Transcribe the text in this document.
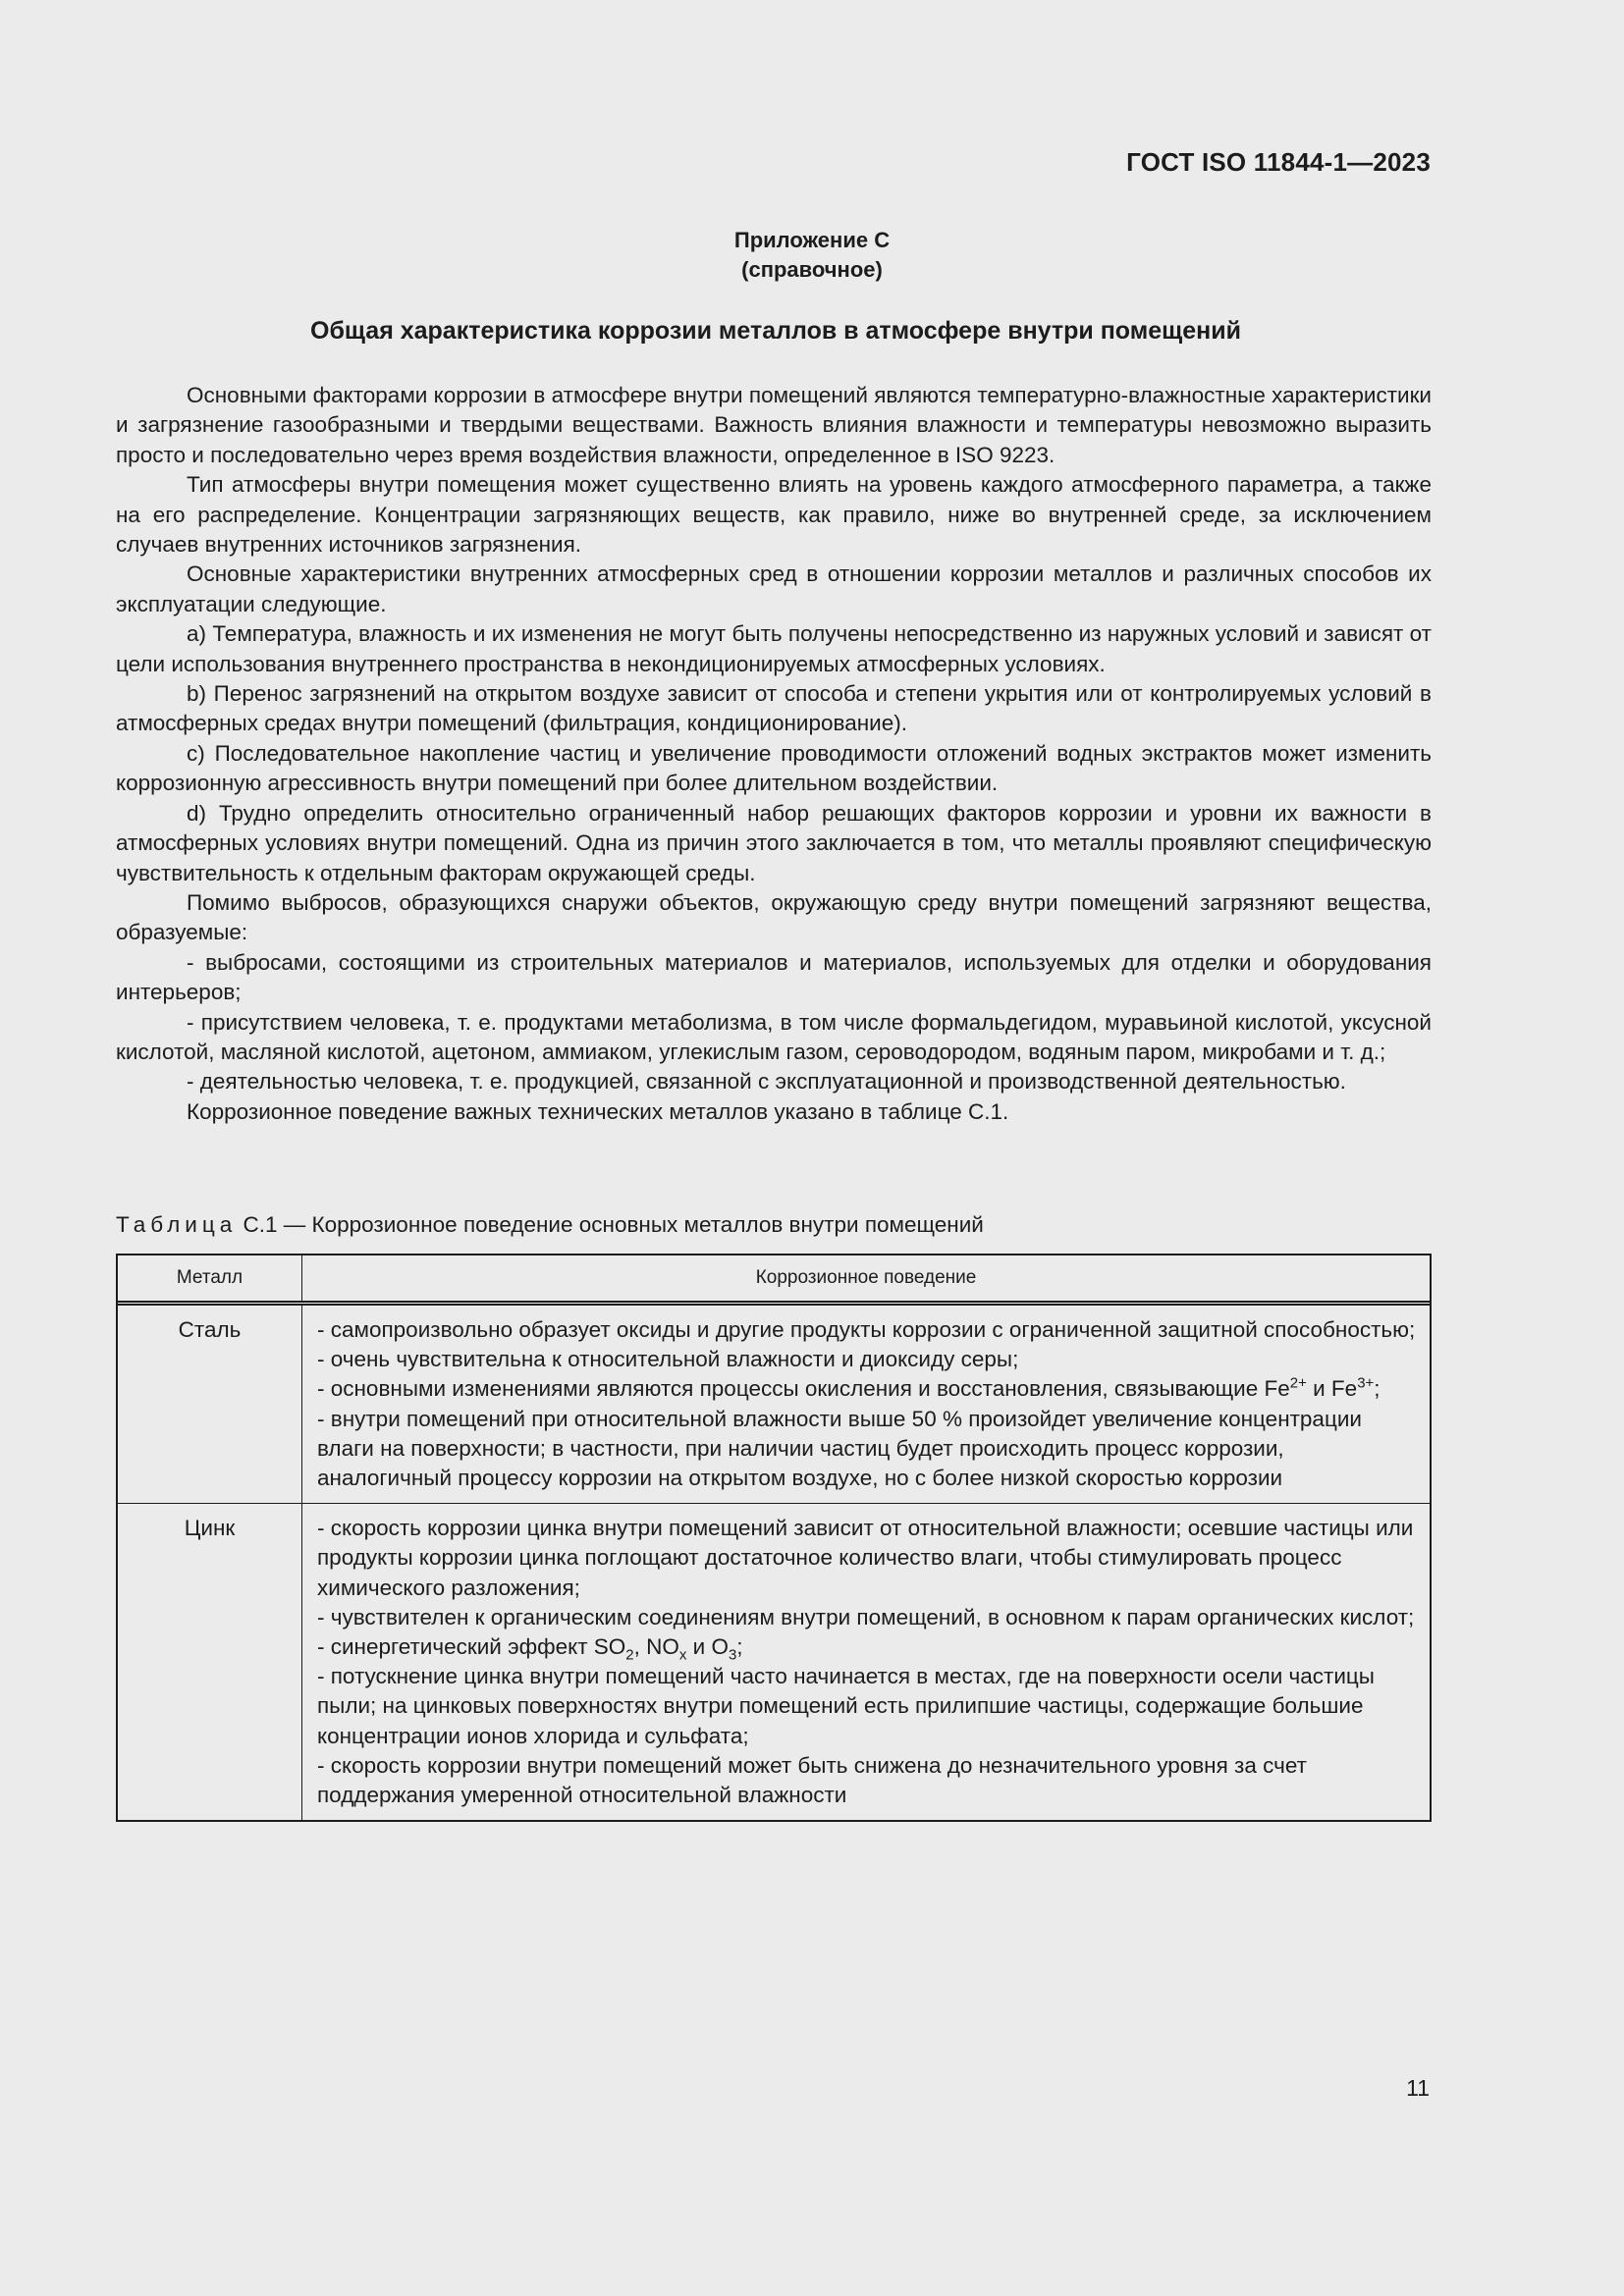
ГОСТ ISO 11844-1—2023
Приложение С
(справочное)
Общая характеристика коррозии металлов в атмосфере внутри помещений

Основными факторами коррозии в атмосфере внутри помещений являются температурно-влажностные характеристики и загрязнение газообразными и твердыми веществами. Важность влияния влажности и температуры невозможно выразить просто и последовательно через время воздействия влажности, определенное в ISO 9223.

Тип атмосферы внутри помещения может существенно влиять на уровень каждого атмосферного параметра, а также на его распределение. Концентрации загрязняющих веществ, как правило, ниже во внутренней среде, за исключением случаев внутренних источников загрязнения.

Основные характеристики внутренних атмосферных сред в отношении коррозии металлов и различных способов их эксплуатации следующие.

а) Температура, влажность и их изменения не могут быть получены непосредственно из наружных условий и зависят от цели использования внутреннего пространства в некондиционируемых атмосферных условиях.

b) Перенос загрязнений на открытом воздухе зависит от способа и степени укрытия или от контролируемых условий в атмосферных средах внутри помещений (фильтрация, кондиционирование).

с) Последовательное накопление частиц и увеличение проводимости отложений водных экстрактов может изменить коррозионную агрессивность внутри помещений при более длительном воздействии.

d) Трудно определить относительно ограниченный набор решающих факторов коррозии и уровни их важности в атмосферных условиях внутри помещений. Одна из причин этого заключается в том, что металлы проявляют специфическую чувствительность к отдельным факторам окружающей среды.

Помимо выбросов, образующихся снаружи объектов, окружающую среду внутри помещений загрязняют вещества, образуемые:

- выбросами, состоящими из строительных материалов и материалов, используемых для отделки и оборудования интерьеров;

- присутствием человека, т. е. продуктами метаболизма, в том числе формальдегидом, муравьиной кислотой, уксусной кислотой, масляной кислотой, ацетоном, аммиаком, углекислым газом, сероводородом, водяным паром, микробами и т. д.;

- деятельностью человека, т. е. продукцией, связанной с эксплуатационной и производственной деятельностью.

Коррозионное поведение важных технических металлов указано в таблице С.1.

Таблица С.1 — Коррозионное поведение основных металлов внутри помещений
Металл	Коррозионное поведение
Сталь	- самопроизвольно образует оксиды и другие продукты коррозии с ограниченной защитной способностью;
- очень чувствительна к относительной влажности и диоксиду серы;
- основными изменениями являются процессы окисления и восстановления, связывающие $Fe^{2+}$ и $Fe^{3+}$;
- внутри помещений при относительной влажности выше 50 % произойдет увеличение концентрации влаги на поверхности; в частности, при наличии частиц будет происходить процесс коррозии, аналогичный процессу коррозии на открытом воздухе, но с более низкой скоростью коррозии
Цинк	- скорость коррозии цинка внутри помещений зависит от относительной влажности; осевшие частицы или продукты коррозии цинка поглощают достаточное количество влаги, чтобы стимулировать процесс химического разложения;
- чувствителен к органическим соединениям внутри помещений, в основном к парам органических кислот;
- синергетический эффект $SO_2$, $NO_x$ и $O_3$;
- потускнение цинка внутри помещений часто начинается в местах, где на поверхности осели частицы пыли; на цинковых поверхностях внутри помещений есть прилипшие частицы, содержащие большие концентрации ионов хлорида и сульфата;
- скорость коррозии внутри помещений может быть снижена до незначительного уровня за счет поддержания умеренной относительной влажности
11
